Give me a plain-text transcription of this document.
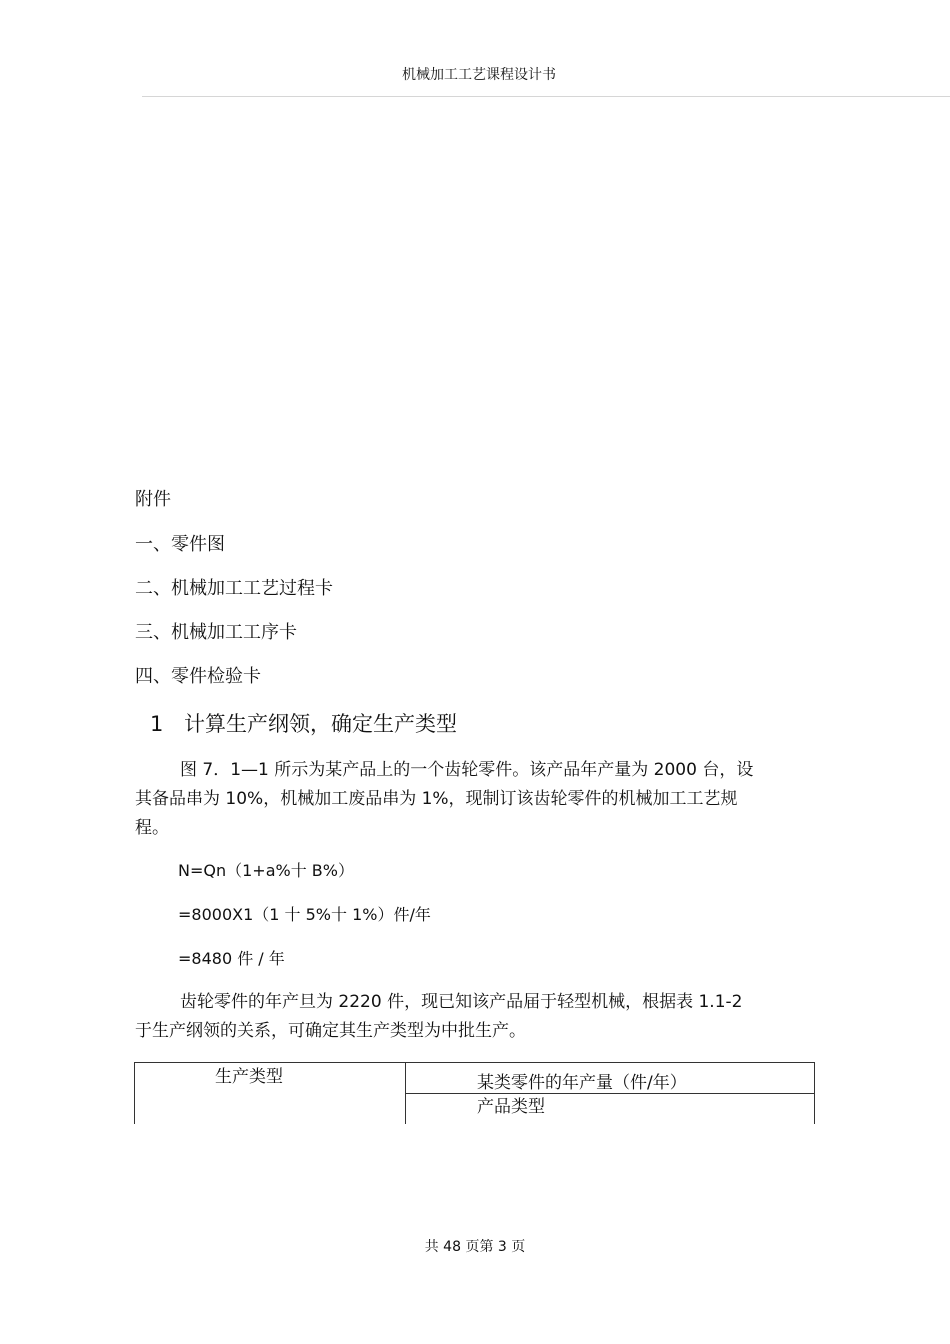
机械加工工艺课程设计书
附件
一、零件图
二、机械加工工艺过程卡
三、机械加工工序卡
四、零件检验卡
1 计算生产纲领，确定生产类型
图 7．1—1 所示为某产品上的一个齿轮零件。该产品年产量为 2000 台，设
其备品串为 10%，机械加工废品串为 1%，现制订该齿轮零件的机械加工工艺规
程。
N=Qn（1+a%十 B%）
=8000X1（1 十 5%十 1%）件/年
=8480 件 / 年
齿轮零件的年产旦为 2220 件，现已知该产品届于轻型机械，根据表 1.1-2
于生产纲领的关系，可确定其生产类型为中批生产。
生产类型	某类零件的年产量（件/年）
产品类型
共 48 页第 3 页
